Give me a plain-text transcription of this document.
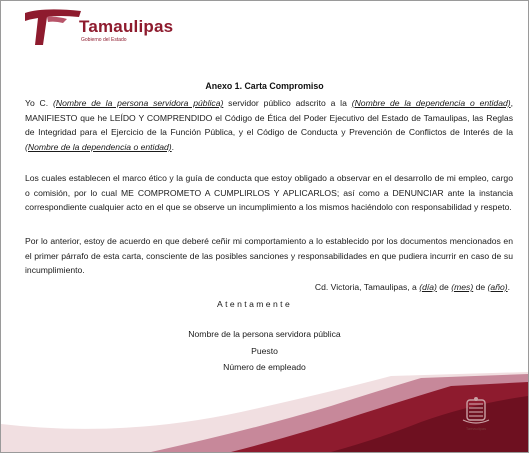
Tamaulipas
Gobierno del Estado
Anexo 1. Carta Compromiso
Yo C. (Nombre de la persona servidora pública) servidor público adscrito a la (Nombre de la dependencia o entidad), MANIFIESTO que he LEÍDO Y COMPRENDIDO el Código de Ética del Poder Ejecutivo del Estado de Tamaulipas, las Reglas de Integridad para el Ejercicio de la Función Pública, y el Código de Conducta y Prevención de Conflictos de Interés de la (Nombre de la dependencia o entidad).
Los cuales establecen el marco ético y la guía de conducta que estoy obligado a observar en el desarrollo de mi empleo, cargo o comisión, por lo cual ME COMPROMETO A CUMPLIRLOS Y APLICARLOS; así como a DENUNCIAR ante la instancia correspondiente cualquier acto en el que se observe un incumplimiento a los mismos haciéndolo con responsabilidad y respeto.
Por lo anterior, estoy de acuerdo en que deberé ceñir mi comportamiento a lo establecido por los documentos mencionados en el primer párrafo de esta carta, consciente de las posibles sanciones y responsabilidades en que pudiera incurrir en caso de su incumplimiento.
Cd. Victoria, Tamaulipas, a (día) de (mes) de (año).
Atentamente
Nombre de la persona servidora pública
Puesto
Número de empleado
Tamaulipas
